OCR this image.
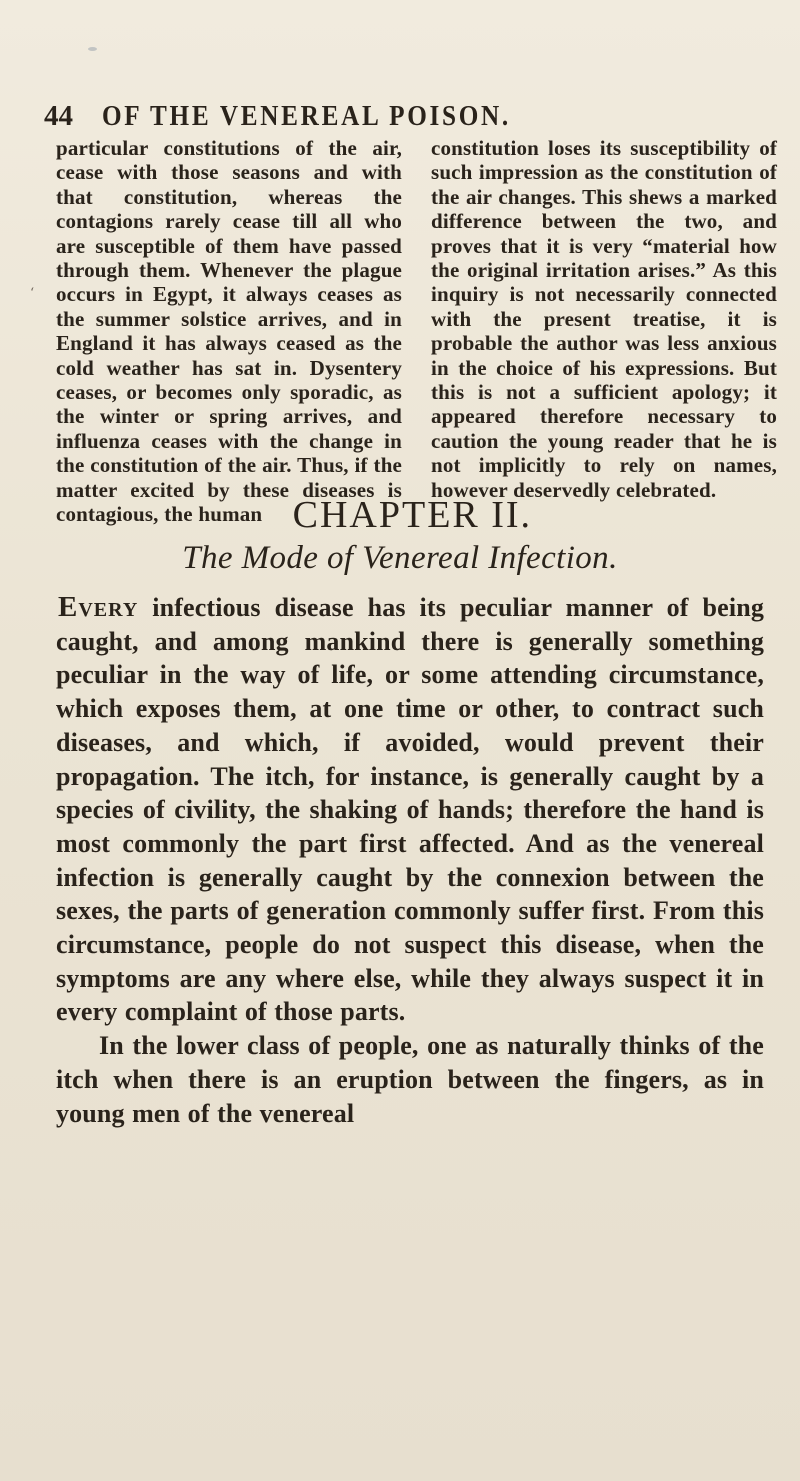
‘
44 OF THE VENEREAL POISON.
particular constitutions of the air, cease with those seasons and with that constitution, whereas the contagions rarely cease till all who are susceptible of them have passed through them. Whenever the plague occurs in Egypt, it always ceases as the summer solstice arrives, and in England it has always ceased as the cold weather has sat in. Dysentery ceases, or becomes only sporadic, as the winter or spring arrives, and influenza ceases with the change in the constitution of the air. Thus, if the matter excited by these diseases is contagious, the human
constitution loses its susceptibility of such impression as the constitution of the air changes. This shews a marked difference between the two, and proves that it is very “material how the original irritation arises.” As this inquiry is not necessarily connected with the present treatise, it is probable the author was less anxious in the choice of his expressions. But this is not a sufficient apology; it appeared therefore necessary to caution the young reader that he is not implicitly to rely on names, however deservedly celebrated.
CHAPTER II.
The Mode of Venereal Infection.

Every infectious disease has its peculiar manner of being caught, and among mankind there is generally something peculiar in the way of life, or some attending circumstance, which exposes them, at one time or other, to contract such diseases, and which, if avoided, would prevent their propagation. The itch, for instance, is generally caught by a species of civility, the shaking of hands; therefore the hand is most commonly the part first affected. And as the venereal infection is generally caught by the connexion between the sexes, the parts of generation commonly suffer first. From this circumstance, people do not suspect this disease, when the symptoms are any where else, while they always suspect it in every complaint of those parts.

In the lower class of people, one as naturally thinks of the itch when there is an eruption between the fingers, as in young men of the venereal
